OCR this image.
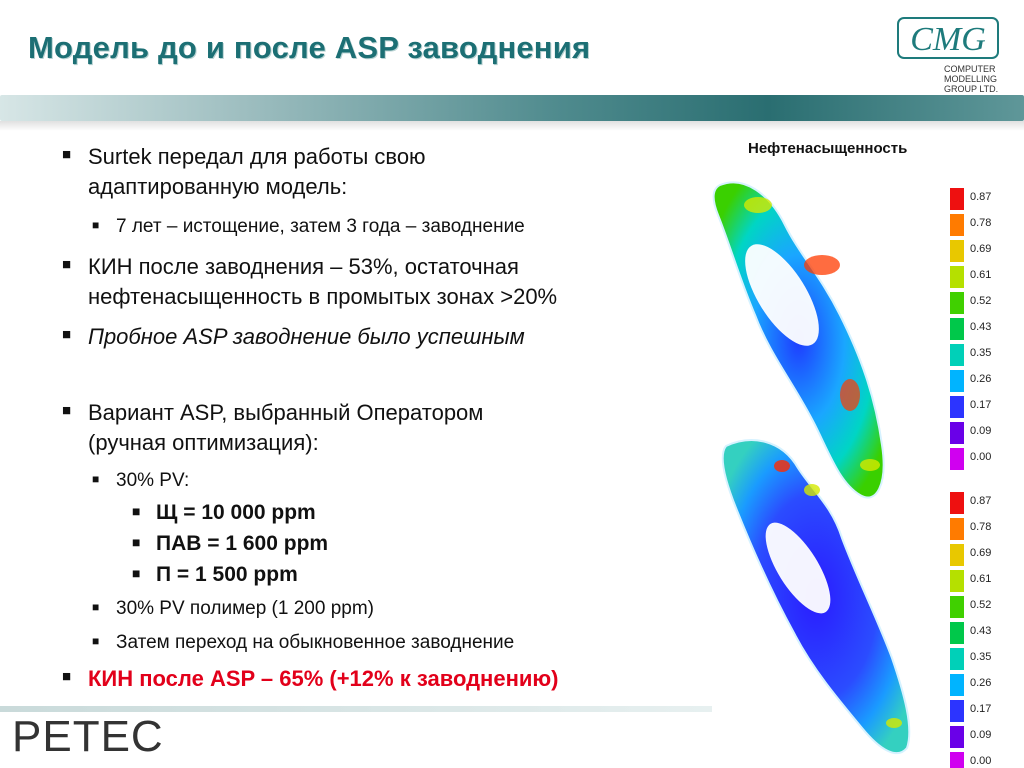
Модель до и после ASP заводнения	CMG
COMPUTER
MODELLING
GROUP LTD.
■ Surtek передал для работы свою
адаптированную модель:
■ 7 лет – истощение, затем 3 года – заводнение
■ КИН после заводнения – 53%, остаточная
нефтенасыщенность в промытых зонах >20%
■ Пробное ASP заводнение было успешным
■ Вариант ASP, выбранный Оператором
(ручная оптимизация):
■ 30% PV:
■ Щ = 10 000 ppm
■ ПАВ = 1 600 ppm
■ П = 1 500 ppm
■ 30% PV полимер (1 200 ppm)
■ Затем переход на обыкновенное заводнение
■ КИН после ASP – 65% (+12% к заводнению)
Нефтенасыщенность
0.87
0.78
0.69
0.61
0.52
0.43
0.35
0.26
0.17
0.09
0.00
0.87
0.78
0.69
0.61
0.52
0.43
0.35
0.26
0.17
0.09
0.00
PETEC
